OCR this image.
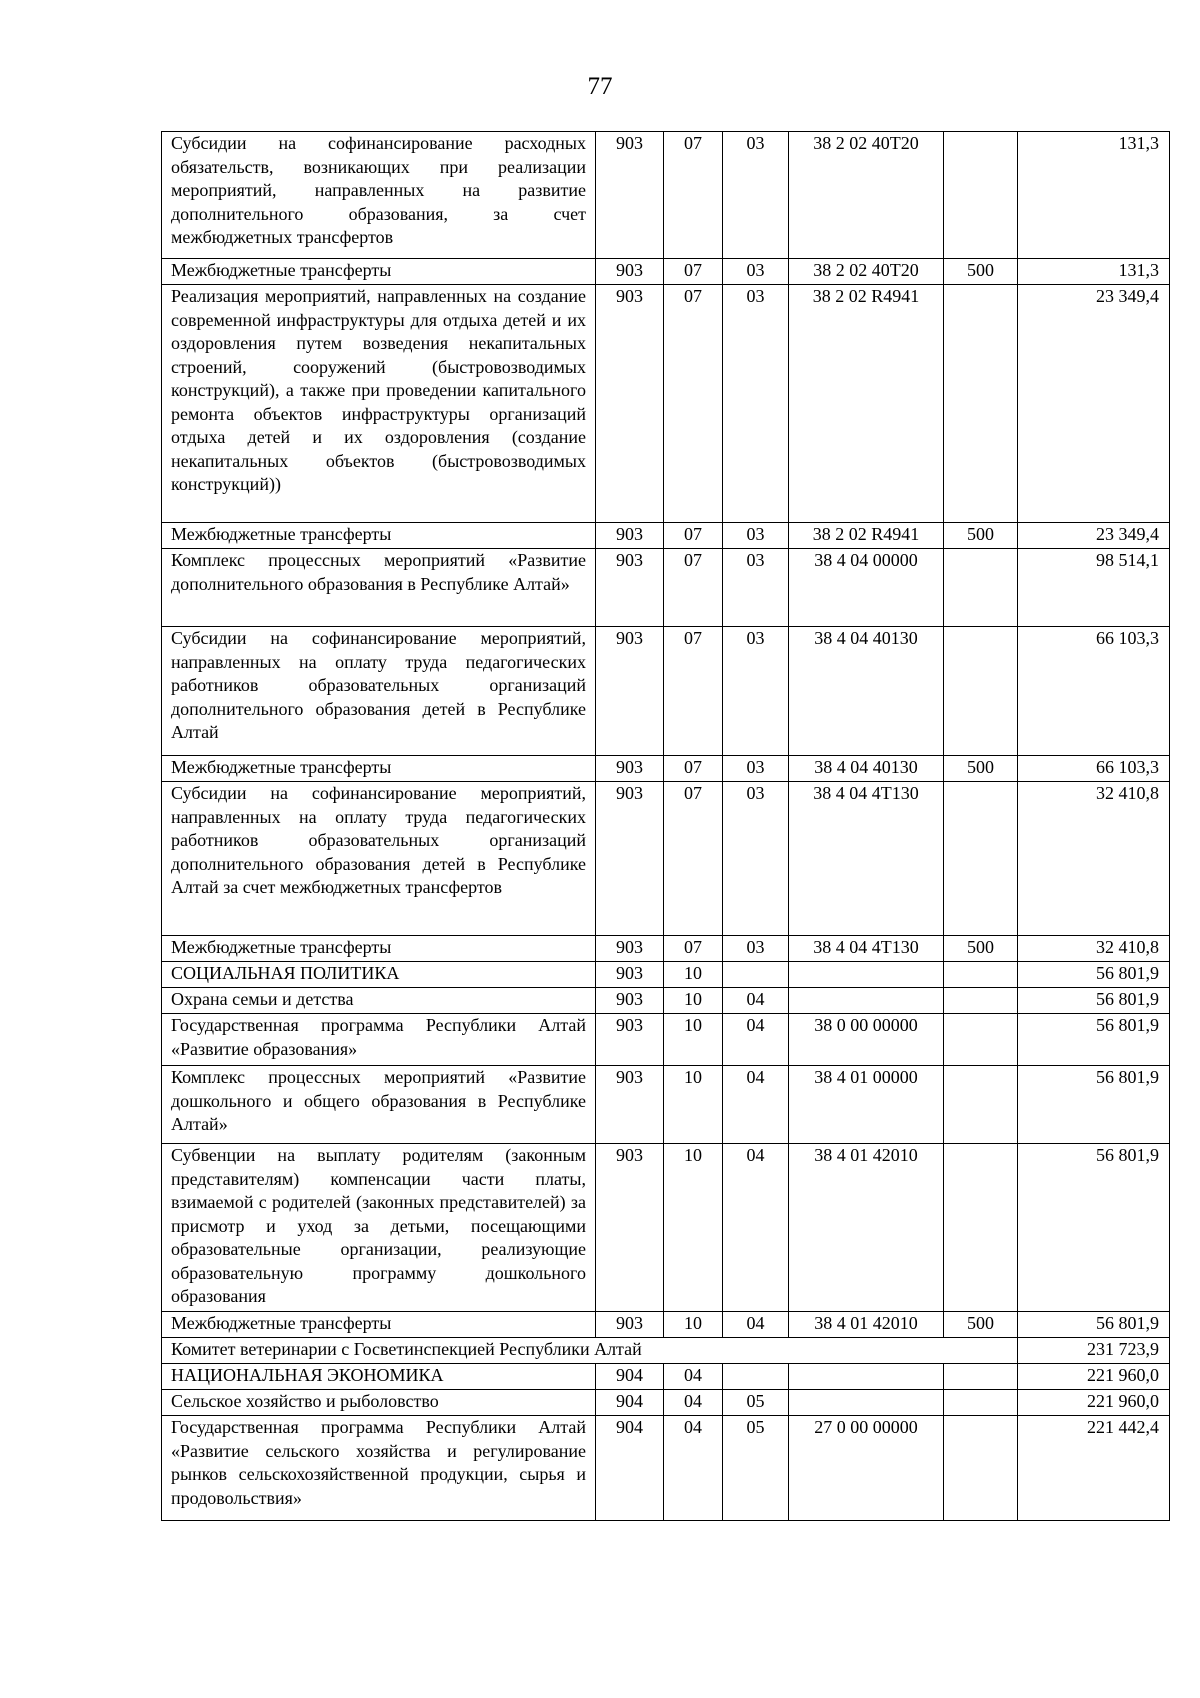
77
Субсидии на софинансирование расходных обязательств, возникающих при реализации мероприятий, направленных на развитие дополнительного образования, за счет межбюджетных трансфертов	903	07	03	38 2 02 40Т20		131,3
Межбюджетные трансферты	903	07	03	38 2 02 40Т20	500	131,3
Реализация мероприятий, направленных на создание современной инфраструктуры для отдыха детей и их оздоровления путем возведения некапитальных строений, сооружений (быстровозводимых конструкций), а также при проведении капитального ремонта объектов инфраструктуры организаций отдыха детей и их оздоровления (создание некапитальных объектов (быстровозводимых конструкций))	903	07	03	38 2 02 R4941		23 349,4
Межбюджетные трансферты	903	07	03	38 2 02 R4941	500	23 349,4
Комплекс процессных мероприятий «Развитие дополнительного образования в Республике Алтай»	903	07	03	38 4 04 00000		98 514,1
Субсидии на софинансирование мероприятий, направленных на оплату труда педагогических работников образовательных организаций дополнительного образования детей в Республике Алтай	903	07	03	38 4 04 40130		66 103,3
Межбюджетные трансферты	903	07	03	38 4 04 40130	500	66 103,3
Субсидии на софинансирование мероприятий, направленных на оплату труда педагогических работников образовательных организаций дополнительного образования детей в Республике Алтай за счет межбюджетных трансфертов	903	07	03	38 4 04 4Т130		32 410,8
Межбюджетные трансферты	903	07	03	38 4 04 4Т130	500	32 410,8
СОЦИАЛЬНАЯ ПОЛИТИКА	903	10				56 801,9
Охрана семьи и детства	903	10	04			56 801,9
Государственная программа Республики Алтай «Развитие образования»	903	10	04	38 0 00 00000		56 801,9
Комплекс процессных мероприятий «Развитие дошкольного и общего образования в Республике Алтай»	903	10	04	38 4 01 00000		56 801,9
Субвенции на выплату родителям (законным представителям) компенсации части платы, взимаемой с родителей (законных представителей) за присмотр и уход за детьми, посещающими образовательные организации, реализующие образовательную программу дошкольного образования	903	10	04	38 4 01 42010		56 801,9
Межбюджетные трансферты	903	10	04	38 4 01 42010	500	56 801,9
Комитет ветеринарии с Госветинспекцией Республики Алтай						231 723,9
НАЦИОНАЛЬНАЯ ЭКОНОМИКА	904	04				221 960,0
Сельское хозяйство и рыболовство	904	04	05			221 960,0
Государственная программа Республики Алтай «Развитие сельского хозяйства и регулирование рынков сельскохозяйственной продукции, сырья и продовольствия»	904	04	05	27 0 00 00000		221 442,4
